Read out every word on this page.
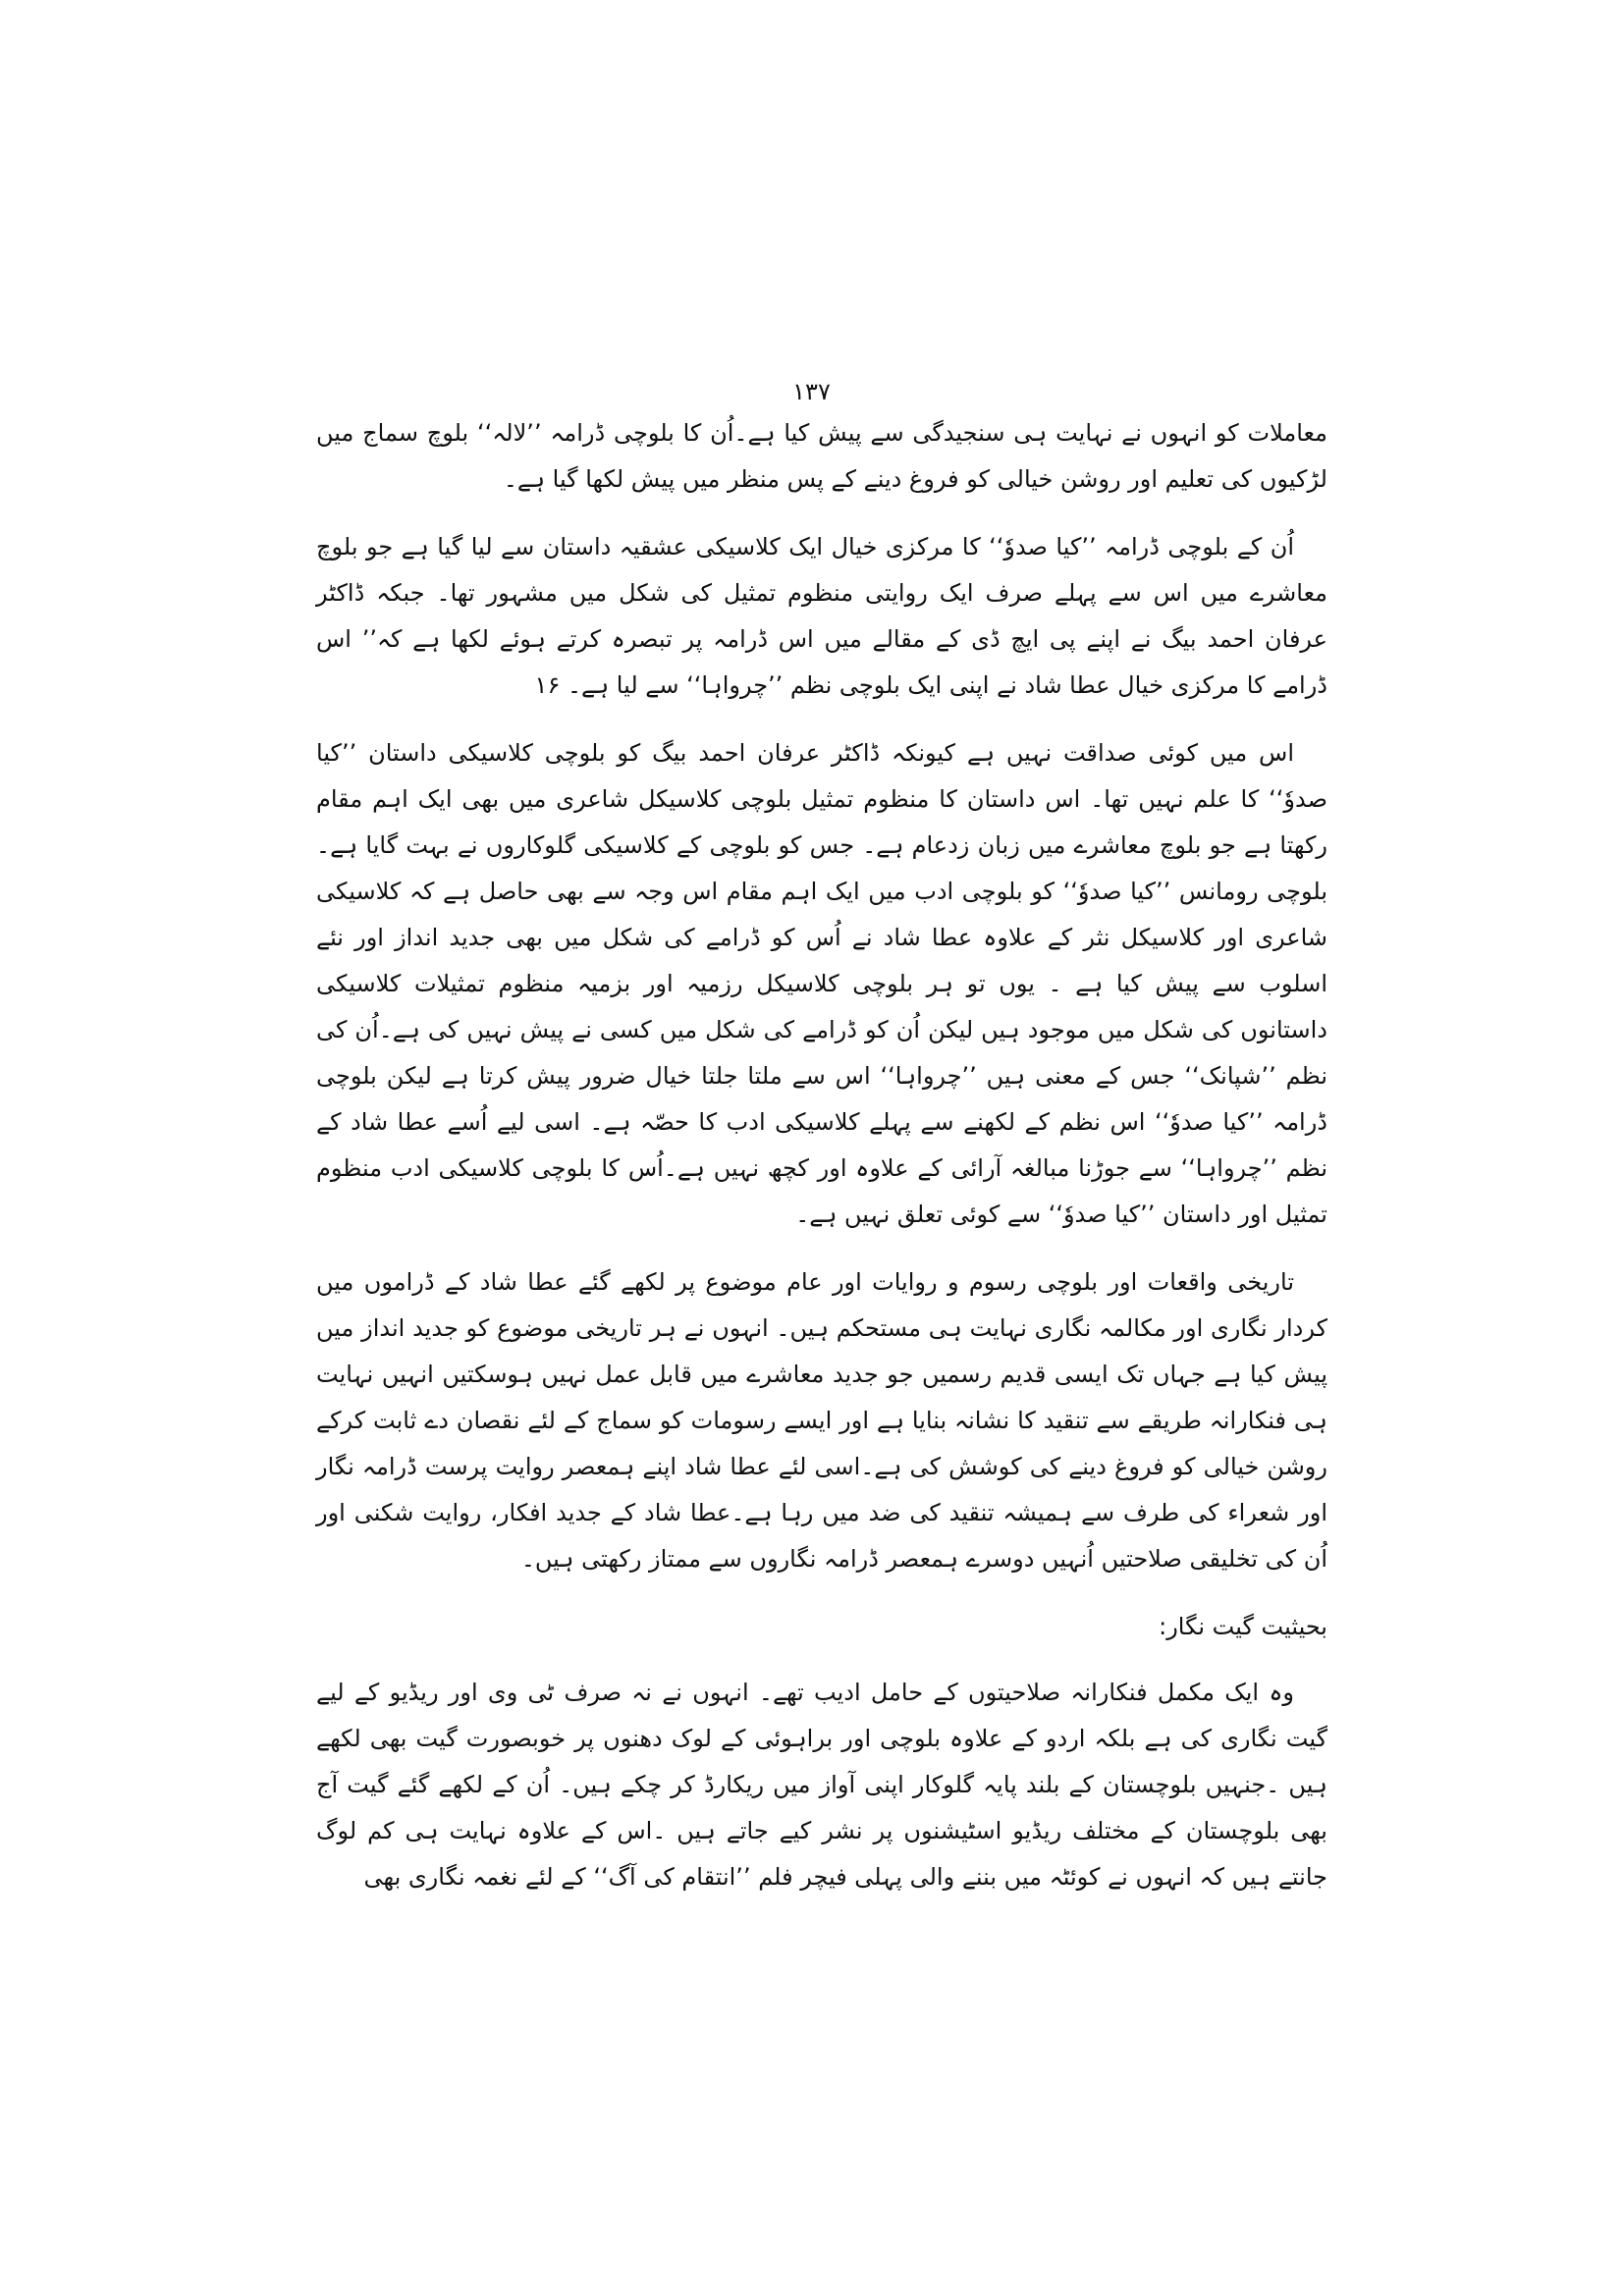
۱۳۷

معاملات کو انہوں نے نہایت ہی سنجیدگی سے پیش کیا ہے۔اُن کا بلوچی ڈرامہ ’’لالہ‘‘ بلوچ سماج میں لڑکیوں کی تعلیم اور روشن خیالی کو فروغ دینے کے پس منظر میں پیش لکھا گیا ہے۔

اُن کے بلوچی ڈرامہ ’’کیا صدوٗ‘‘ کا مرکزی خیال ایک کلاسیکی عشقیہ داستان سے لیا گیا ہے جو بلوچ معاشرے میں اس سے پہلے صرف ایک روایتی منظوم تمثیل کی شکل میں مشہور تھا۔ جبکہ ڈاکٹر عرفان احمد بیگ نے اپنے پی ایچ ڈی کے مقالے میں اس ڈرامہ پر تبصرہ کرتے ہوئے لکھا ہے کہ’’ اس ڈرامے کا مرکزی خیال عطا شاد نے اپنی ایک بلوچی نظم ’’چرواہا‘‘ سے لیا ہے۔ ۱۶

اس میں کوئی صداقت نہیں ہے کیونکہ ڈاکٹر عرفان احمد بیگ کو بلوچی کلاسیکی داستان ’’کیا صدوٗ‘‘ کا علم نہیں تھا۔ اس داستان کا منظوم تمثیل بلوچی کلاسیکل شاعری میں بھی ایک اہم مقام رکھتا ہے جو بلوچ معاشرے میں زبان زدعام ہے۔ جس کو بلوچی کے کلاسیکی گلوکاروں نے بہت گایا ہے۔بلوچی رومانس ’’کیا صدوٗ‘‘ کو بلوچی ادب میں ایک اہم مقام اس وجہ سے بھی حاصل ہے کہ کلاسیکی شاعری اور کلاسیکل نثر کے علاوہ عطا شاد نے اُس کو ڈرامے کی شکل میں بھی جدید انداز اور نئے اسلوب سے پیش کیا ہے ۔ یوں تو ہر بلوچی کلاسیکل رزمیہ اور بزمیہ منظوم تمثیلات کلاسیکی داستانوں کی شکل میں موجود ہیں لیکن اُن کو ڈرامے کی شکل میں کسی نے پیش نہیں کی ہے۔اُن کی نظم ’’شپانک‘‘ جس کے معنی ہیں ’’چرواہا‘‘ اس سے ملتا جلتا خیال ضرور پیش کرتا ہے لیکن بلوچی ڈرامہ ’’کیا صدوٗ‘‘ اس نظم کے لکھنے سے پہلے کلاسیکی ادب کا حصّہ ہے۔ اسی لیے اُسے عطا شاد کے نظم ’’چرواہا‘‘ سے جوڑنا مبالغہ آرائی کے علاوہ اور کچھ نہیں ہے۔اُس کا بلوچی کلاسیکی ادب منظوم تمثیل اور داستان ’’کیا صدوٗ‘‘ سے کوئی تعلق نہیں ہے۔

تاریخی واقعات اور بلوچی رسوم و روایات اور عام موضوع پر لکھے گئے عطا شاد کے ڈراموں میں کردار نگاری اور مکالمہ نگاری نہایت ہی مستحکم ہیں۔ انہوں نے ہر تاریخی موضوع کو جدید انداز میں پیش کیا ہے جہاں تک ایسی قدیم رسمیں جو جدید معاشرے میں قابل عمل نہیں ہوسکتیں انہیں نہایت ہی فنکارانہ طریقے سے تنقید کا نشانہ بنایا ہے اور ایسے رسومات کو سماج کے لئے نقصان دے ثابت کرکے روشن خیالی کو فروغ دینے کی کوشش کی ہے۔اسی لئے عطا شاد اپنے ہمعصر روایت پرست ڈرامہ نگار اور شعراء کی طرف سے ہمیشہ تنقید کی ضد میں رہا ہے۔عطا شاد کے جدید افکار، روایت شکنی اور اُن کی تخلیقی صلاحتیں اُنہیں دوسرے ہمعصر ڈرامہ نگاروں سے ممتاز رکھتی ہیں۔

بحیثیت گیت نگار:

وہ ایک مکمل فنکارانہ صلاحیتوں کے حامل ادیب تھے۔ انہوں نے نہ صرف ٹی وی اور ریڈیو کے لیے گیت نگاری کی ہے بلکہ اردو کے علاوہ بلوچی اور براہوئی کے لوک دھنوں پر خوبصورت گیت بھی لکھے ہیں ۔جنہیں بلوچستان کے بلند پایہ گلوکار اپنی آواز میں ریکارڈ کر چکے ہیں۔ اُن کے لکھے گئے گیت آج بھی بلوچستان کے مختلف ریڈیو اسٹیشنوں پر نشر کیے جاتے ہیں ۔اس کے علاوہ نہایت ہی کم لوگ جانتے ہیں کہ انہوں نے کوئٹہ میں بننے والی پہلی فیچر فلم ’’انتقام کی آگ‘‘ کے لئے نغمہ نگاری بھی
